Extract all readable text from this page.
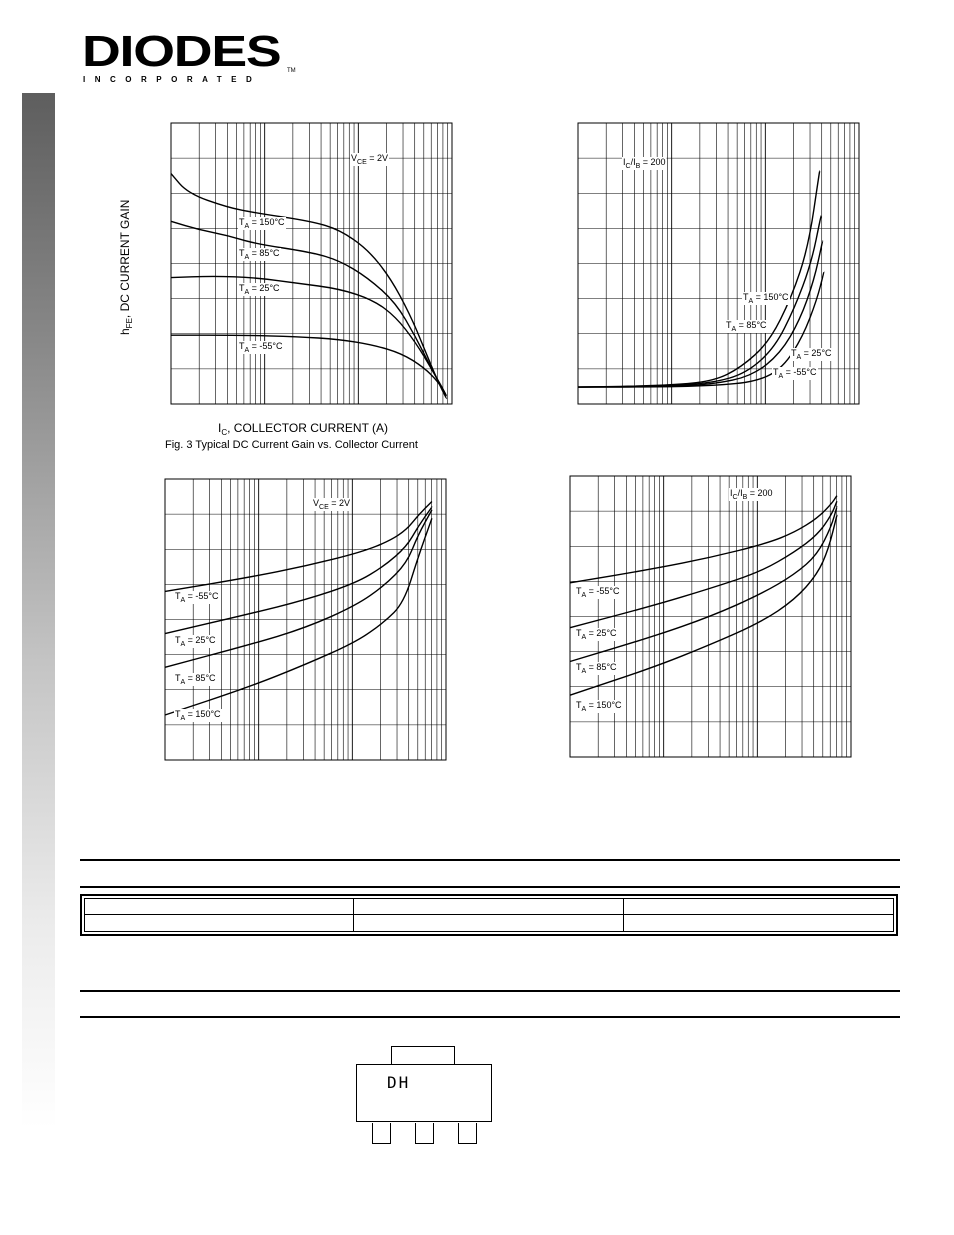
DIODES TM
INCORPORATED
$V_{CE} = 2V$
$T_A = 150^\circ C$
$T_A = 85^\circ C$
$T_A = 25^\circ C$
$T_A = -55^\circ C$
$h_{FE}$, DC CURRENT GAIN
$I_C$, COLLECTOR CURRENT (A)
Fig. 3 Typical DC Current Gain vs. Collector Current
$I_C/I_B = 200$
$T_A = 150^\circ C$
$T_A = 85^\circ C$
$T_A = 25^\circ C$
$T_A = -55^\circ C$
$V_{CE} = 2V$
$T_A = -55^\circ C$
$T_A = 25^\circ C$
$T_A = 85^\circ C$
$T_A = 150^\circ C$
$I_C/I_B = 200$
$T_A = -55^\circ C$
$T_A = 25^\circ C$
$T_A = 85^\circ C$
$T_A = 150^\circ C$
DH
